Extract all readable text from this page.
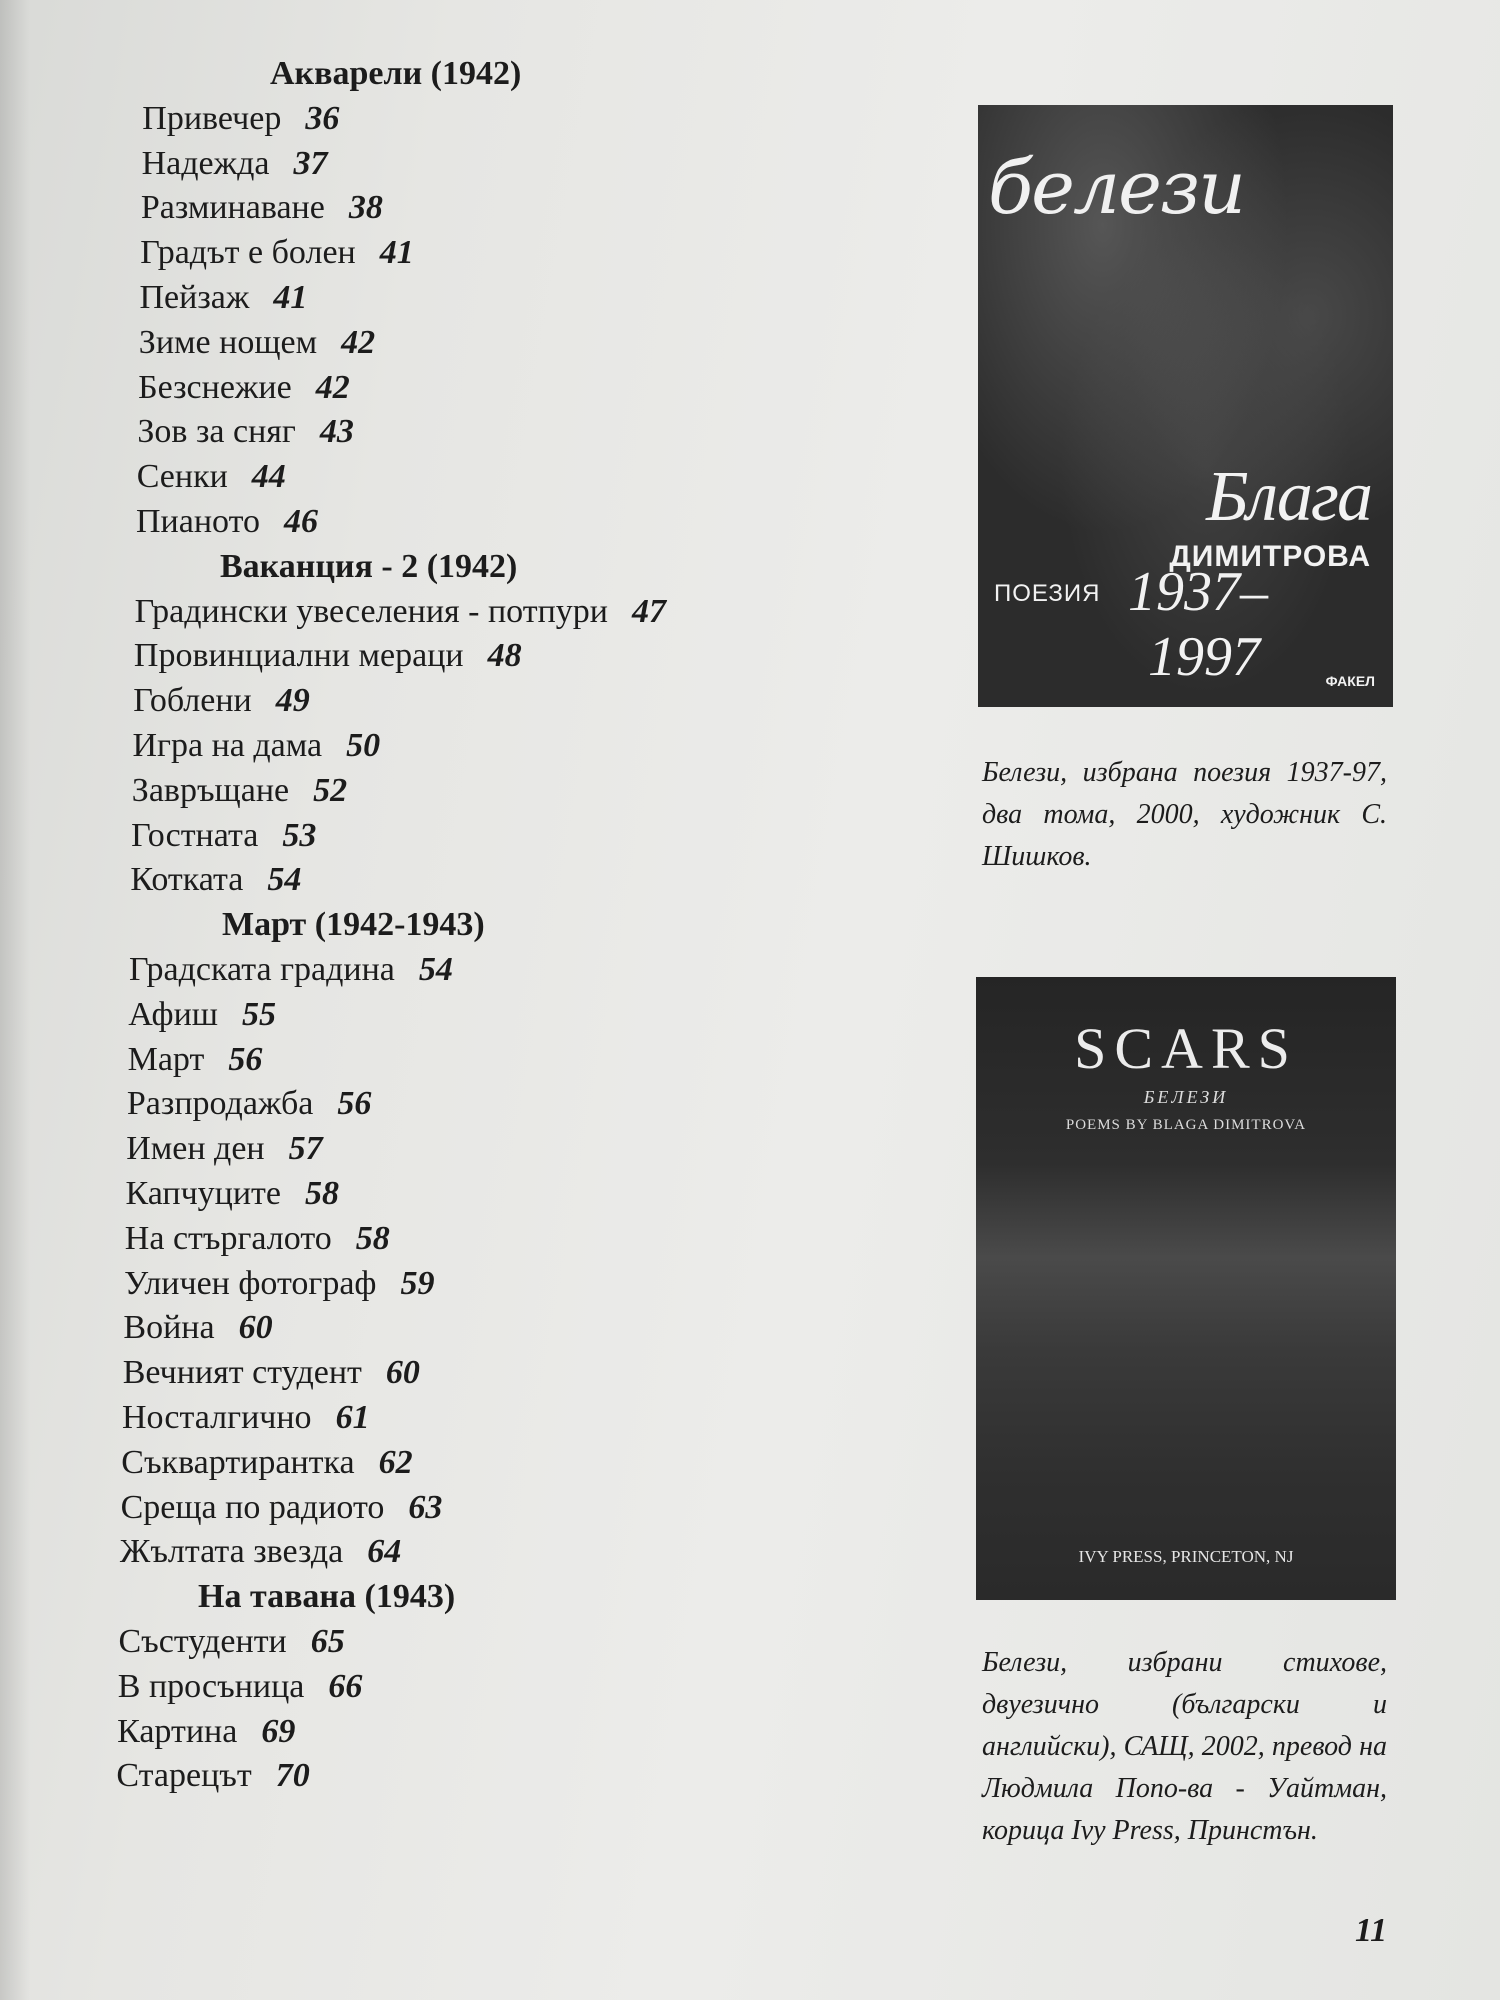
Акварели (1942)
Привечер 36
Надежда 37
Разминаване 38
Градът е болен 41
Пейзаж 41
Зиме нощем 42
Безснежие 42
Зов за сняг 43
Сенки 44
Пианото 46
Ваканция - 2 (1942)
Градински увеселения - потпури 47
Провинциални мераци 48
Гоблени 49
Игра на дама 50
Завръщане 52
Гостната 53
Котката 54
Март (1942-1943)
Градската градина 54
Афиш 55
Март 56
Разпродажба 56
Имен ден 57
Капчуците 58
На стъргалото 58
Уличен фотограф 59
Война 60
Вечният студент 60
Носталгично 61
Съквартирантка 62
Среща по радиото 63
Жълтата звезда 64
На тавана (1943)
Състуденти 65
В просъница 66
Картина 69
Старецът 70
белези
Блага
ДИМИТРОВА
ПОЕЗИЯ 1937–
1997	ФАКЕЛ
Белези, избрана поезия 1937-97, два тома, 2000, художник С. Шишков.
SCARS
БЕЛЕЗИ
POEMS BY BLAGA DIMITROVA
IVY PRESS, PRINCETON, NJ
Белези, избрани стихове, двуезично (български и английски), САЩ, 2002, превод на Людмила Попо-ва - Уайтман, корица Ivy Press, Принстън.
11
